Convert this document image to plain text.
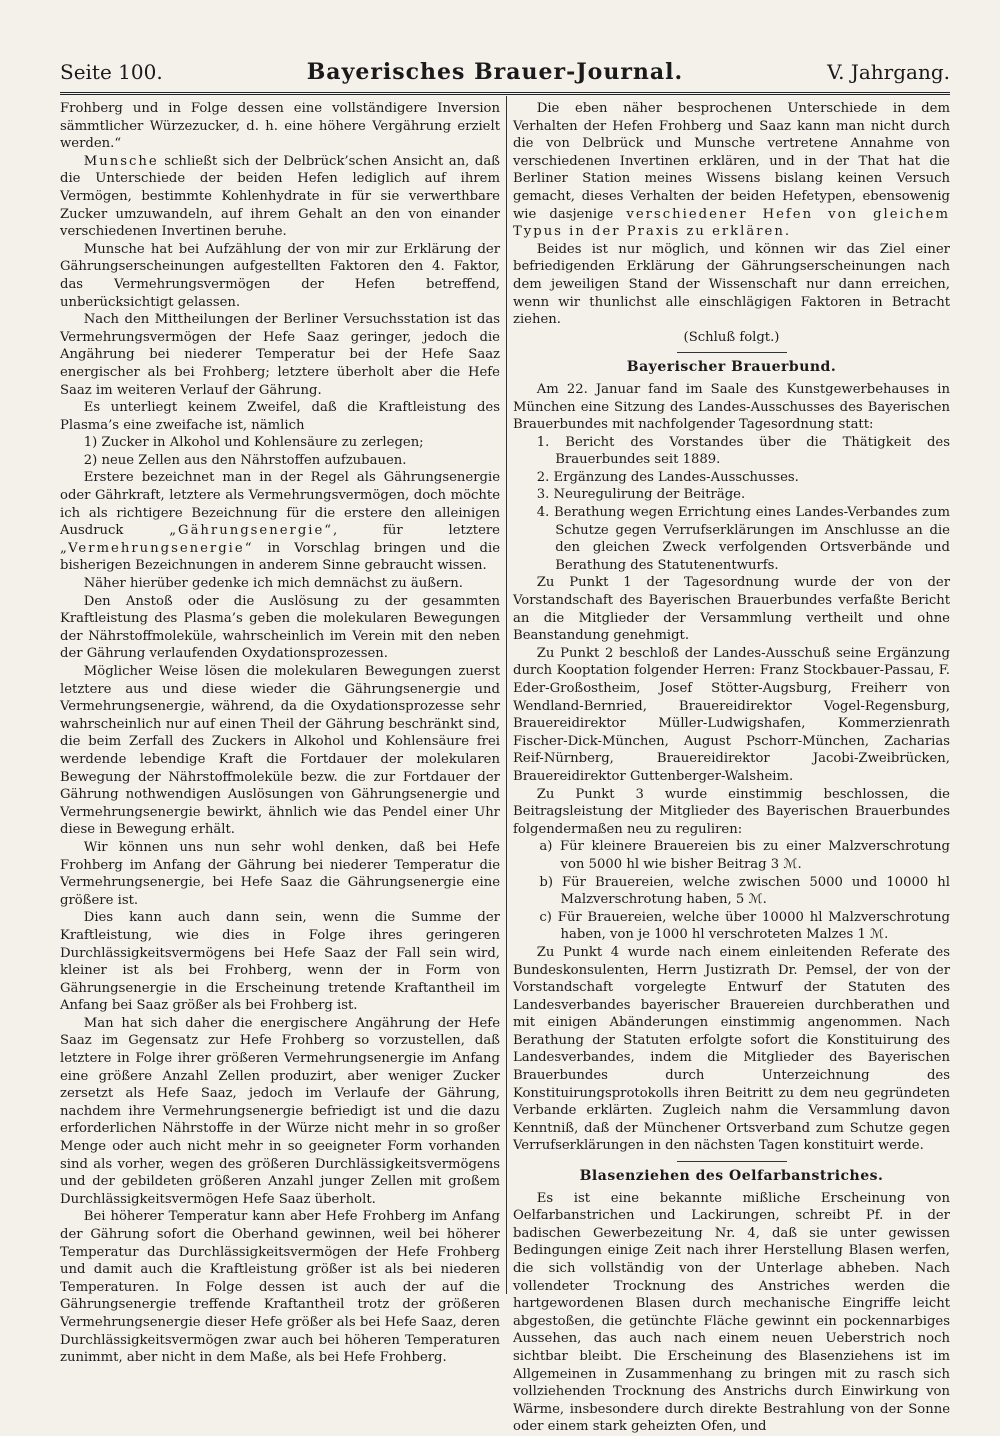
Seite 100.	Bayerisches Brauer-Journal.	V. Jahrgang.

Frohberg und in Folge dessen eine vollständigere Inversion sämmtlicher Würzezucker, d. h. eine höhere Vergährung erzielt werden.“

Munsche schließt sich der Delbrück’schen Ansicht an, daß die Unterschiede der beiden Hefen lediglich auf ihrem Vermögen, bestimmte Kohlenhydrate in für sie verwerthbare Zucker umzuwandeln, auf ihrem Gehalt an den von einander verschiedenen Invertinen beruhe.

Munsche hat bei Aufzählung der von mir zur Erklärung der Gährungserscheinungen aufgestellten Faktoren den 4. Faktor, das Vermehrungsvermögen der Hefen betreffend, unberücksichtigt gelassen.

Nach den Mittheilungen der Berliner Versuchsstation ist das Vermehrungsvermögen der Hefe Saaz geringer, jedoch die Angährung bei niederer Temperatur bei der Hefe Saaz energischer als bei Frohberg; letztere überholt aber die Hefe Saaz im weiteren Verlauf der Gährung.

Es unterliegt keinem Zweifel, daß die Kraftleistung des Plasma’s eine zweifache ist, nämlich

1) Zucker in Alkohol und Kohlensäure zu zerlegen;

2) neue Zellen aus den Nährstoffen aufzubauen.

Erstere bezeichnet man in der Regel als Gährungsenergie oder Gährkraft, letztere als Vermehrungsvermögen, doch möchte ich als richtigere Bezeichnung für die erstere den alleinigen Ausdruck	„Gährungsenergie“, für letztere „Vermehrungsenergie“ in Vorschlag bringen und die bisherigen Bezeichnungen in anderem Sinne gebraucht wissen.

Näher hierüber gedenke ich mich demnächst zu äußern.

Den Anstoß oder die Auslösung zu der gesammten Kraftleistung des Plasma’s geben die molekularen Bewegungen der Nährstoffmoleküle, wahrscheinlich im Verein mit den neben der Gährung verlaufenden Oxydationsprozessen.

Möglicher Weise lösen die molekularen Bewegungen zuerst letztere aus und diese wieder die Gährungsenergie und Vermehrungsenergie, während, da die Oxydationsprozesse sehr wahrscheinlich nur auf einen Theil der Gährung beschränkt sind, die beim Zerfall des Zuckers in Alkohol und Kohlensäure frei werdende lebendige Kraft die Fortdauer der molekularen Bewegung der Nährstoffmoleküle bezw. die zur Fortdauer der Gährung nothwendigen Auslösungen von Gährungsenergie und Vermehrungsenergie bewirkt, ähnlich wie das Pendel einer Uhr diese in Bewegung erhält.

Wir können uns nun sehr wohl denken, daß bei Hefe Frohberg im Anfang der Gährung bei niederer Temperatur die Vermehrungsenergie, bei Hefe Saaz die Gährungsenergie eine größere ist.

Dies kann auch dann sein, wenn die Summe der Kraftleistung, wie dies in Folge ihres geringeren Durchlässigkeitsvermögens bei Hefe Saaz der Fall sein wird, kleiner ist als bei Frohberg, wenn der in Form von Gährungsenergie in die Erscheinung tretende Kraftantheil im Anfang bei Saaz größer als bei Frohberg ist.

Man hat sich daher die energischere Angährung der Hefe Saaz im Gegensatz zur Hefe Frohberg so vorzustellen, daß letztere in Folge ihrer größeren Vermehrungsenergie im Anfang eine größere Anzahl Zellen produzirt, aber weniger Zucker zersetzt als Hefe Saaz, jedoch im Verlaufe der Gährung, nachdem ihre Vermehrungsenergie befriedigt ist und die dazu erforderlichen Nährstoffe in der Würze nicht mehr in so großer Menge oder auch nicht mehr in so geeigneter Form vorhanden sind als vorher, wegen des größeren Durchlässigkeitsvermögens und der gebildeten größeren Anzahl junger Zellen mit großem Durchlässigkeitsvermögen Hefe Saaz überholt.

Bei höherer Temperatur kann aber Hefe Frohberg im Anfang der Gährung sofort die Oberhand gewinnen, weil bei höherer Temperatur das Durchlässigkeitsvermögen der Hefe Frohberg und damit auch die Kraftleistung größer ist als bei niederen Temperaturen. In Folge dessen ist auch der auf die Gährungsenergie treffende Kraftantheil trotz der größeren Vermehrungsenergie dieser Hefe größer als bei Hefe Saaz, deren Durchlässigkeitsvermögen zwar auch bei höheren Temperaturen zunimmt, aber nicht in dem Maße, als bei Hefe Frohberg.

Die eben näher besprochenen Unterschiede in dem Verhalten der Hefen Frohberg und Saaz kann man nicht durch die von Delbrück und Munsche vertretene Annahme von verschiedenen Invertinen erklären, und in der That hat die Berliner Station meines Wissens bislang keinen Versuch gemacht, dieses Verhalten der beiden Hefetypen, ebensowenig wie dasjenige verschiedener Hefen von gleichem Typus in der Praxis zu erklären.

Beides ist nur möglich, und können wir das Ziel einer befriedigenden Erklärung der Gährungserscheinungen nach dem jeweiligen Stand der Wissenschaft nur dann erreichen, wenn wir thunlichst alle einschlägigen Faktoren in Betracht ziehen.

(Schluß folgt.)

Bayerischer Brauerbund.

Am 22. Januar fand im Saale des Kunstgewerbehauses in München eine Sitzung des Landes-Ausschusses des Bayerischen Brauerbundes mit nachfolgender Tagesordnung statt:

1. Bericht des Vorstandes über die Thätigkeit des Brauerbundes seit 1889.

2. Ergänzung des Landes-Ausschusses.

3. Neuregulirung der Beiträge.

4. Berathung wegen Errichtung eines Landes-Verbandes zum Schutze gegen Verrufserklärungen im Anschlusse an die den gleichen Zweck verfolgenden Ortsverbände und Berathung des Statutenentwurfs.

Zu Punkt 1 der Tagesordnung wurde der von der Vorstandschaft des Bayerischen Brauerbundes verfaßte Bericht an die Mitglieder der Versammlung vertheilt und ohne Beanstandung genehmigt.

Zu Punkt 2 beschloß der Landes-Ausschuß seine Ergänzung durch Kooptation folgender Herren: Franz Stockbauer-Passau, F. Eder-Großostheim, Josef Stötter-Augsburg, Freiherr von Wendland-Bernried, Brauereidirektor Vogel-Regensburg, Brauereidirektor Müller-Ludwigshafen, Kommerzienrath Fischer-Dick-München, August Pschorr-München, Zacharias Reif-Nürnberg, Brauereidirektor Jacobi-Zweibrücken, Brauereidirektor Guttenberger-Walsheim.

Zu Punkt 3 wurde einstimmig beschlossen, die Beitragsleistung der Mitglieder des Bayerischen Brauerbundes folgendermaßen neu zu reguliren:

a) Für kleinere Brauereien bis zu einer Malzverschrotung von 5000 hl wie bisher Beitrag 3 ℳ.

b) Für Brauereien, welche zwischen 5000 und 10000 hl Malzverschrotung haben, 5 ℳ.

c) Für Brauereien, welche über 10000 hl Malzverschrotung haben, von je 1000 hl verschroteten Malzes 1 ℳ.

Zu Punkt 4 wurde nach einem einleitenden Referate des Bundeskonsulenten, Herrn Justizrath Dr. Pemsel, der von der Vorstandschaft vorgelegte Entwurf der Statuten des Landesverbandes bayerischer Brauereien durchberathen und mit einigen Abänderungen einstimmig angenommen. Nach Berathung der Statuten erfolgte sofort die Konstituirung des Landesverbandes, indem die Mitglieder des Bayerischen Brauerbundes durch Unterzeichnung des Konstituirungsprotokolls ihren Beitritt zu dem neu gegründeten Verbande erklärten. Zugleich nahm die Versammlung davon Kenntniß, daß der Münchener Ortsverband zum Schutze gegen Verrufserklärungen in den nächsten Tagen konstituirt werde.

Blasenziehen des Oelfarbanstriches.

Es ist eine bekannte mißliche Erscheinung von Oelfarbanstrichen und Lackirungen, schreibt Pf. in der badischen Gewerbezeitung Nr. 4, daß sie unter gewissen Bedingungen einige Zeit nach ihrer Herstellung Blasen werfen, die sich vollständig von der Unterlage abheben. Nach vollendeter Trocknung des Anstriches werden die hartgewordenen Blasen durch mechanische Eingriffe leicht abgestoßen, die getünchte Fläche gewinnt ein pockennarbiges Aussehen, das auch nach einem neuen Ueberstrich noch sichtbar bleibt. Die Erscheinung des Blasenziehens ist im Allgemeinen in Zusammenhang zu bringen mit zu rasch sich vollziehenden Trocknung des Anstrichs durch Einwirkung von Wärme, insbesondere durch direkte Bestrahlung von der Sonne oder einem stark geheizten Ofen, und
